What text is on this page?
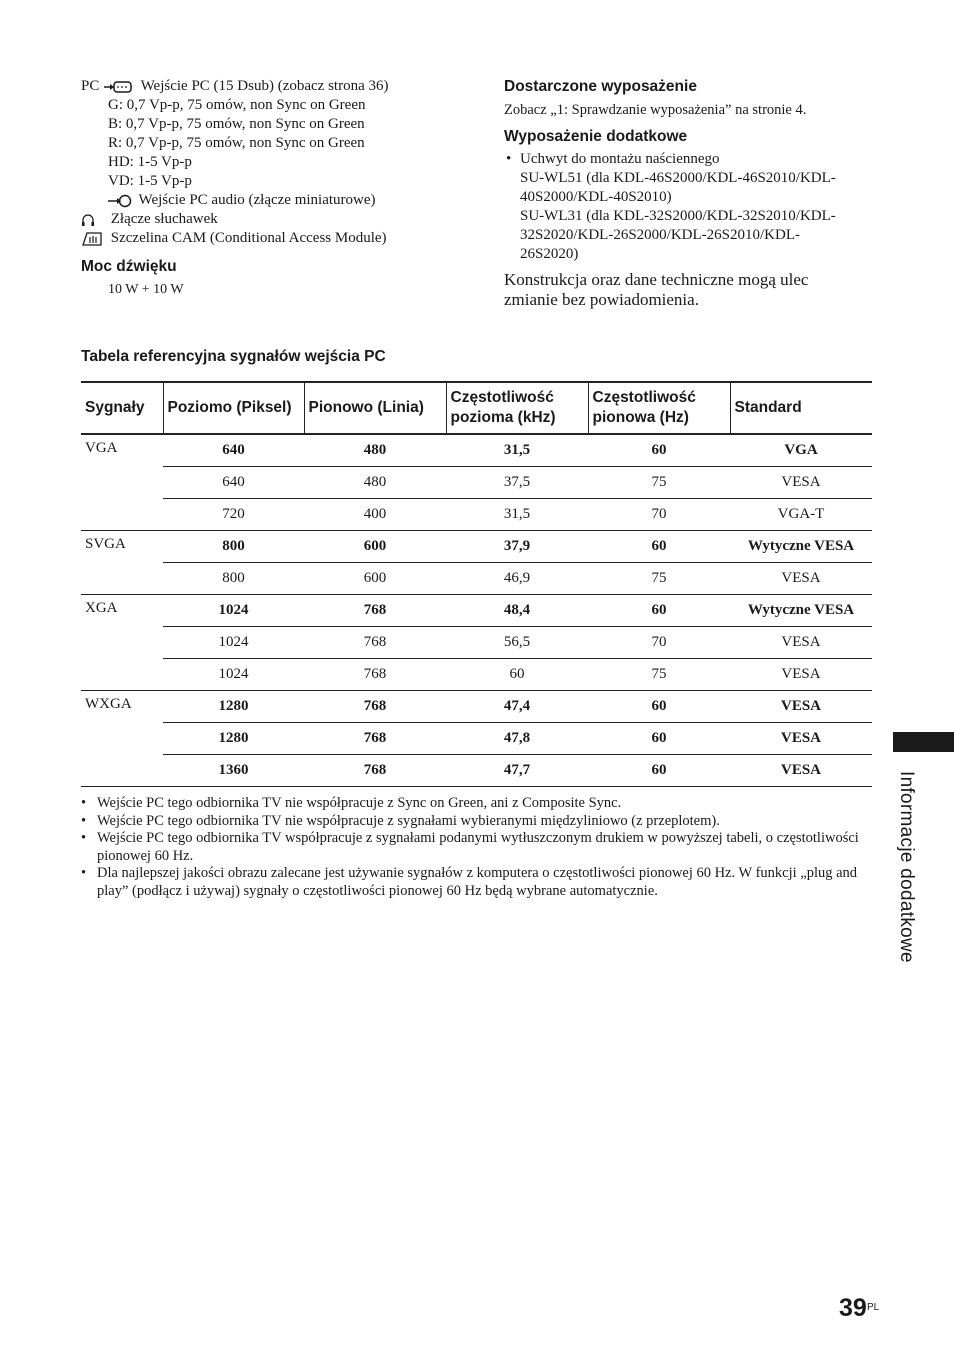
PC	Wejście PC (15 Dsub) (zobacz strona 36)
G: 0,7 Vp-p, 75 omów, non Sync on Green
B: 0,7 Vp-p, 75 omów, non Sync on Green
R: 0,7 Vp-p, 75 omów, non Sync on Green
HD: 1-5 Vp-p
VD: 1-5 Vp-p
Wejście PC audio (złącze miniaturowe)
Złącze słuchawek
Szczelina CAM (Conditional Access Module)
Moc dźwięku
10 W + 10 W
Dostarczone wyposażenie
Zobacz „1: Sprawdzanie wyposażenia” na stronie 4.
Wyposażenie dodatkowe
• Uchwyt do montażu naściennego
SU-WL51 (dla KDL-46S2000/KDL-46S2010/KDL-
40S2000/KDL-40S2010)
SU-WL31 (dla KDL-32S2000/KDL-32S2010/KDL-
32S2020/KDL-26S2000/KDL-26S2010/KDL-
26S2020)
Konstrukcja oraz dane techniczne mogą ulec
zmianie bez powiadomienia.
Tabela referencyjna sygnałów wejścia PC
Sygnały	Poziomo (Piksel)	Pionowo (Linia)	Częstotliwość pozioma (kHz)	Częstotliwość pionowa (Hz)	Standard
VGA	640	480	31,5	60	VGA
	640	480	37,5	75	VESA
	720	400	31,5	70	VGA-T
SVGA	800	600	37,9	60	Wytyczne VESA
	800	600	46,9	75	VESA
XGA	1024	768	48,4	60	Wytyczne VESA
	1024	768	56,5	70	VESA
	1024	768	60	75	VESA
WXGA	1280	768	47,4	60	VESA
	1280	768	47,8	60	VESA
	1360	768	47,7	60	VESA
• Wejście PC tego odbiornika TV nie współpracuje z Sync on Green, ani z Composite Sync.
• Wejście PC tego odbiornika TV nie współpracuje z sygnałami wybieranymi międzyliniowo (z przeplotem).
• Wejście PC tego odbiornika TV współpracuje z sygnałami podanymi wytłuszczonym drukiem w powyższej tabeli, o częstotliwości pionowej 60 Hz.
• Dla najlepszej jakości obrazu zalecane jest używanie sygnałów z komputera o częstotliwości pionowej 60 Hz. W funkcji „plug and play” (podłącz i używaj) sygnały o częstotliwości pionowej 60 Hz będą wybrane automatycznie.	Informacje dodatkowe
39 PL
